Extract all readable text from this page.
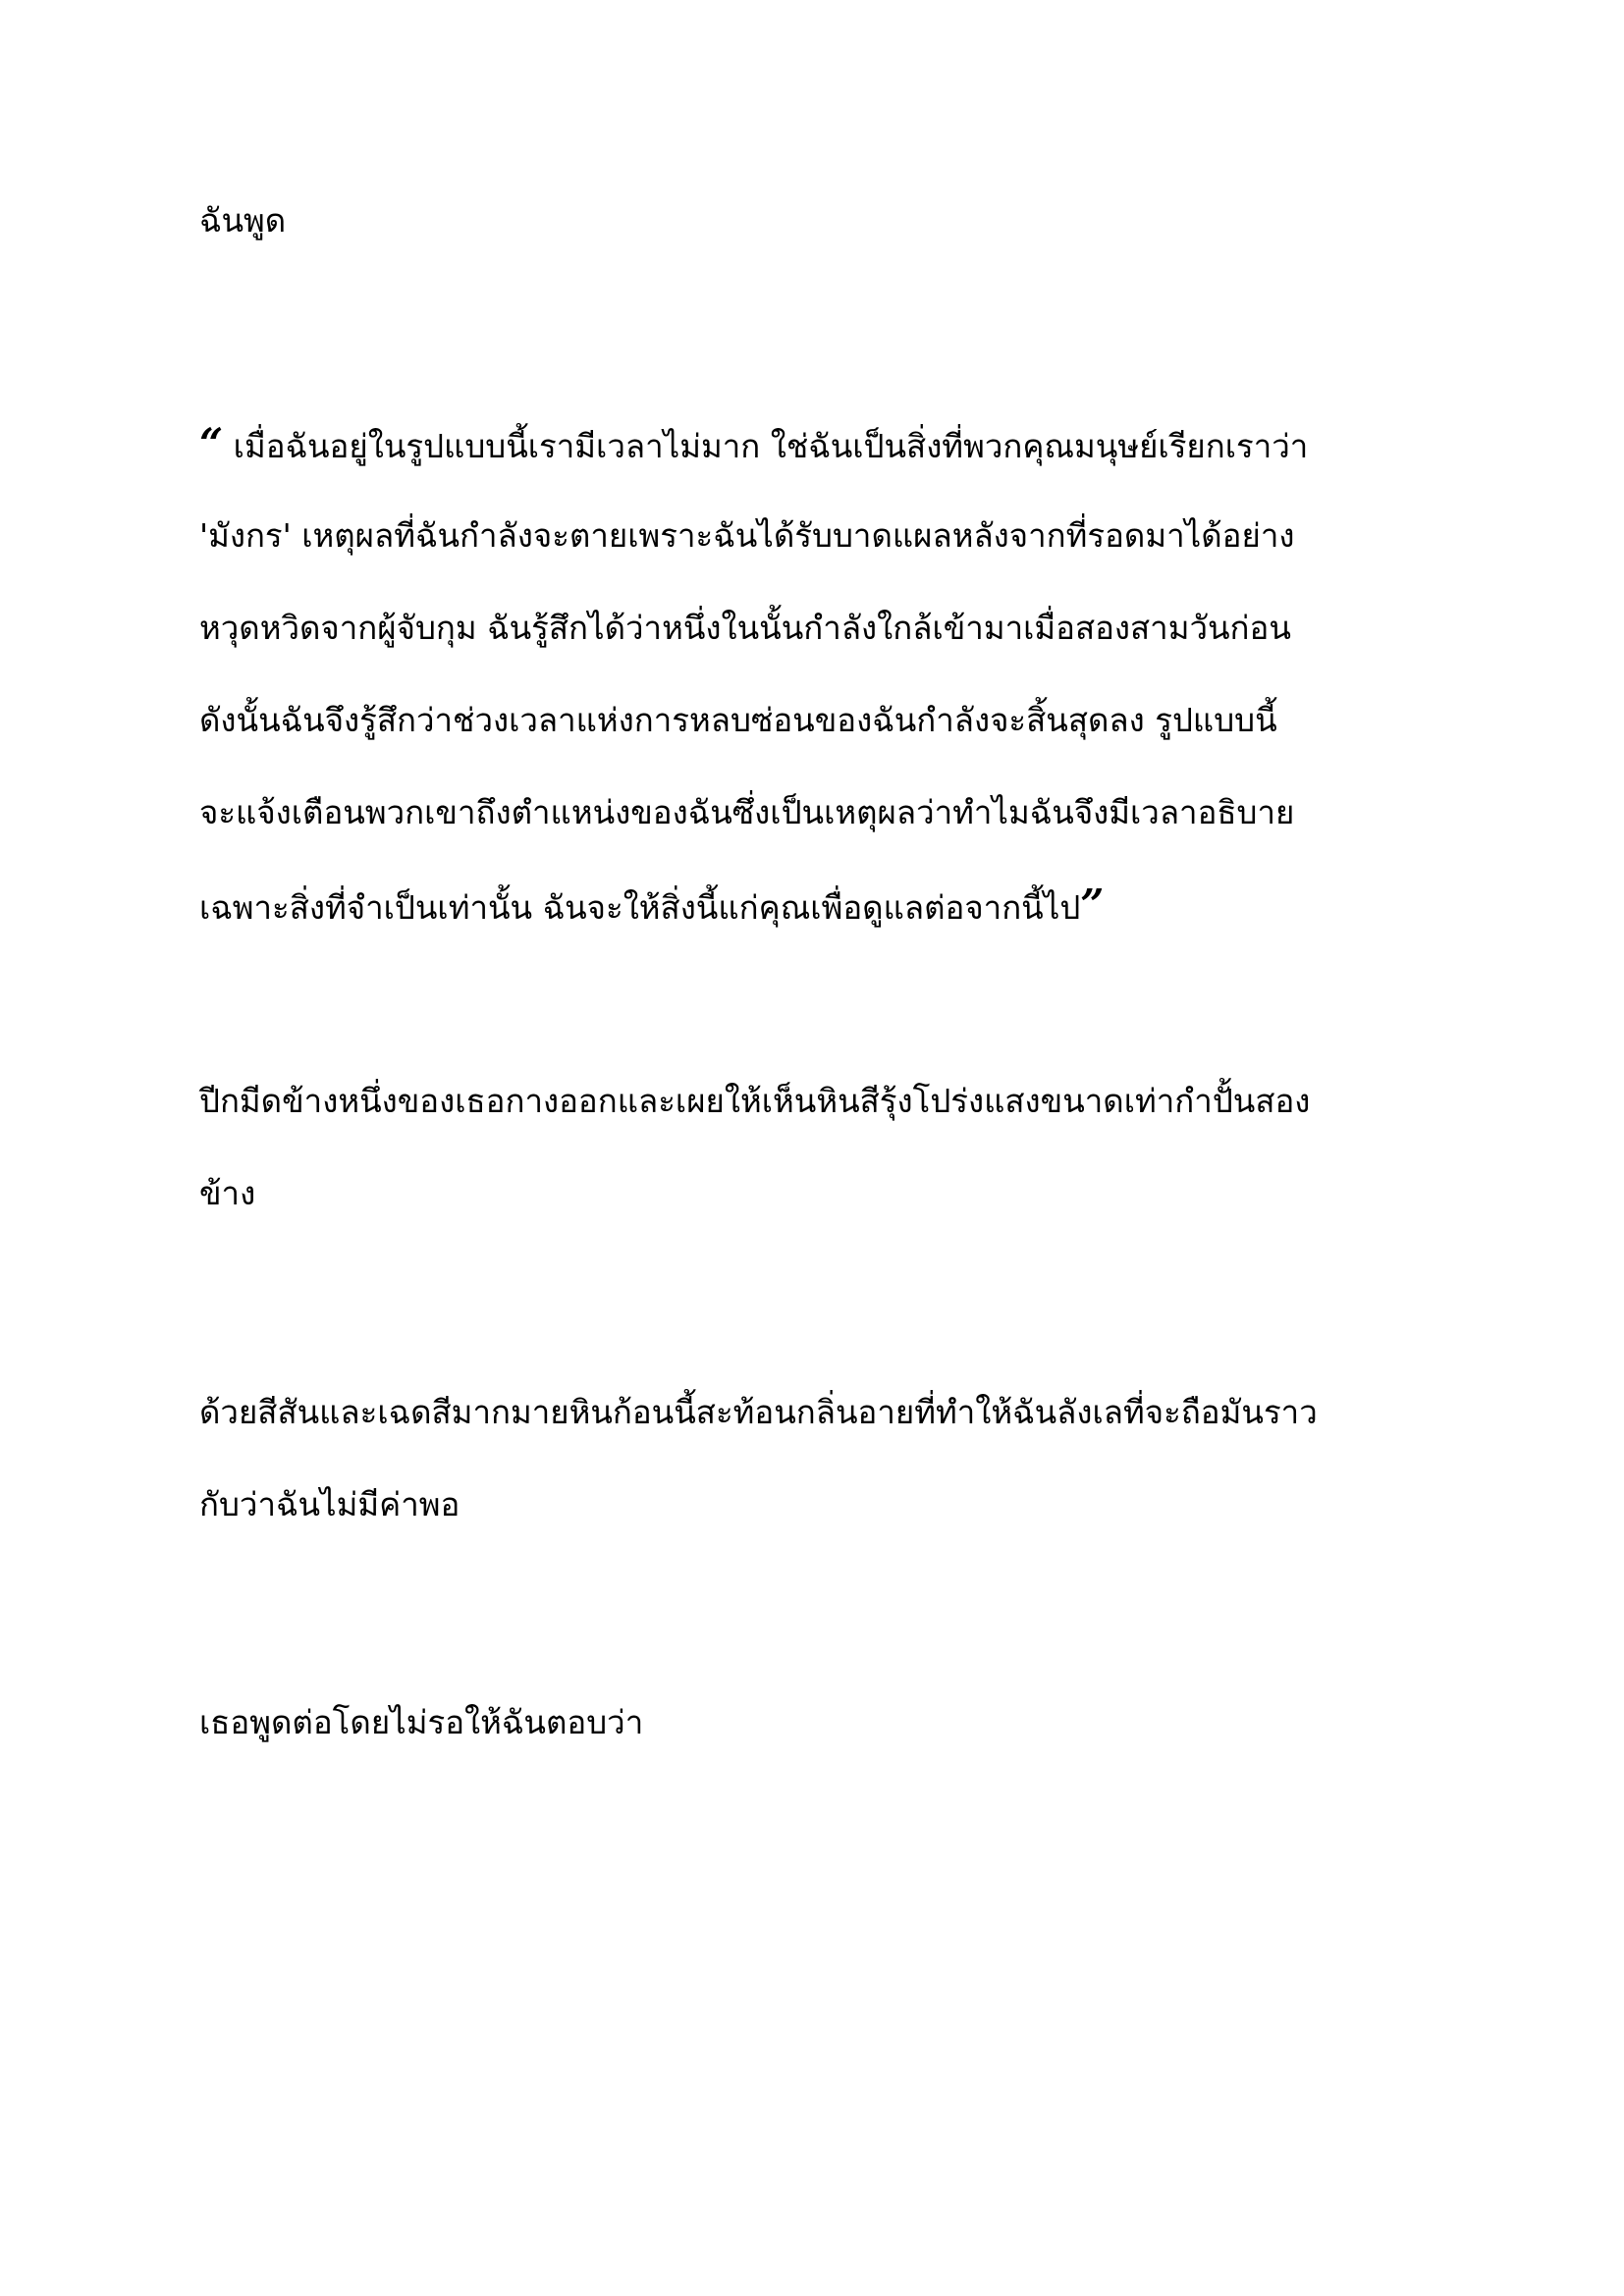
ฉันพูด

“ เมื่อฉันอยู่ในรูปแบบนี้เรามีเวลาไม่มาก ใช่ฉันเป็นสิ่งที่พวกคุณมนุษย์เรียกเราว่า
'มังกร' เหตุผลที่ฉันกำลังจะตายเพราะฉันได้รับบาดแผลหลังจากที่รอดมาได้อย่าง
หวุดหวิดจากผู้จับกุม ฉันรู้สึกได้ว่าหนึ่งในนั้นกำลังใกล้เข้ามาเมื่อสองสามวันก่อน
ดังนั้นฉันจึงรู้สึกว่าช่วงเวลาแห่งการหลบซ่อนของฉันกำลังจะสิ้นสุดลง รูปแบบนี้
จะแจ้งเตือนพวกเขาถึงตำแหน่งของฉันซึ่งเป็นเหตุผลว่าทำไมฉันจึงมีเวลาอธิบาย
เฉพาะสิ่งที่จำเป็นเท่านั้น ฉันจะให้สิ่งนี้แก่คุณเพื่อดูแลต่อจากนี้ไป”

ปีกมีดข้างหนึ่งของเธอกางออกและเผยให้เห็นหินสีรุ้งโปร่งแสงขนาดเท่ากำปั้นสอง
ข้าง

ด้วยสีสันและเฉดสีมากมายหินก้อนนี้สะท้อนกลิ่นอายที่ทำให้ฉันลังเลที่จะถือมันราว
กับว่าฉันไม่มีค่าพอ

เธอพูดต่อโดยไม่รอให้ฉันตอบว่า
